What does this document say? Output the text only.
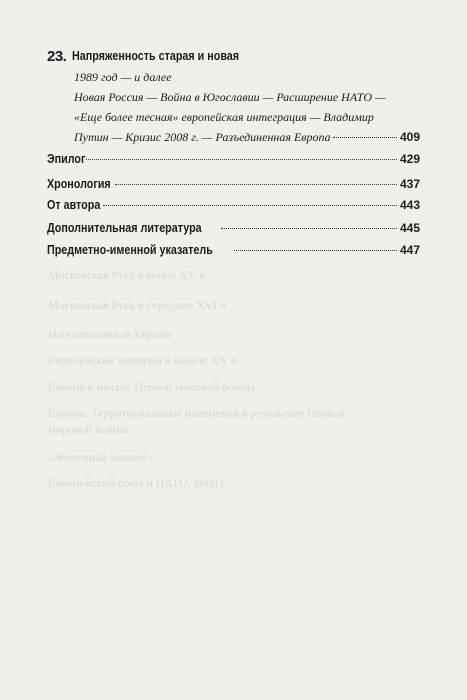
Московская Русь в конце XV в.
Московская Русь в середине XVI в.
Наполеоновская Европа
Европейские империи в начале XX в.
Европа к началу Первой мировой войны
Европа: Территориальные изменения в результате Первой
мировой войны
«Железный занавес»
Европейский союз и НАТО, 2008 г.
23. Напряженность старая и новая
1989 год — и далее
Новая Россия — Война в Югославии — Расширение НАТО —
«Еще более тесная» европейская интеграция — Владимир
Путин — Кризис 2008 г. — Разъединенная Европа	409
Эпилог	429
Хронология	437
От автора	443
Дополнительная литература	445
Предметно-именной указатель	447
